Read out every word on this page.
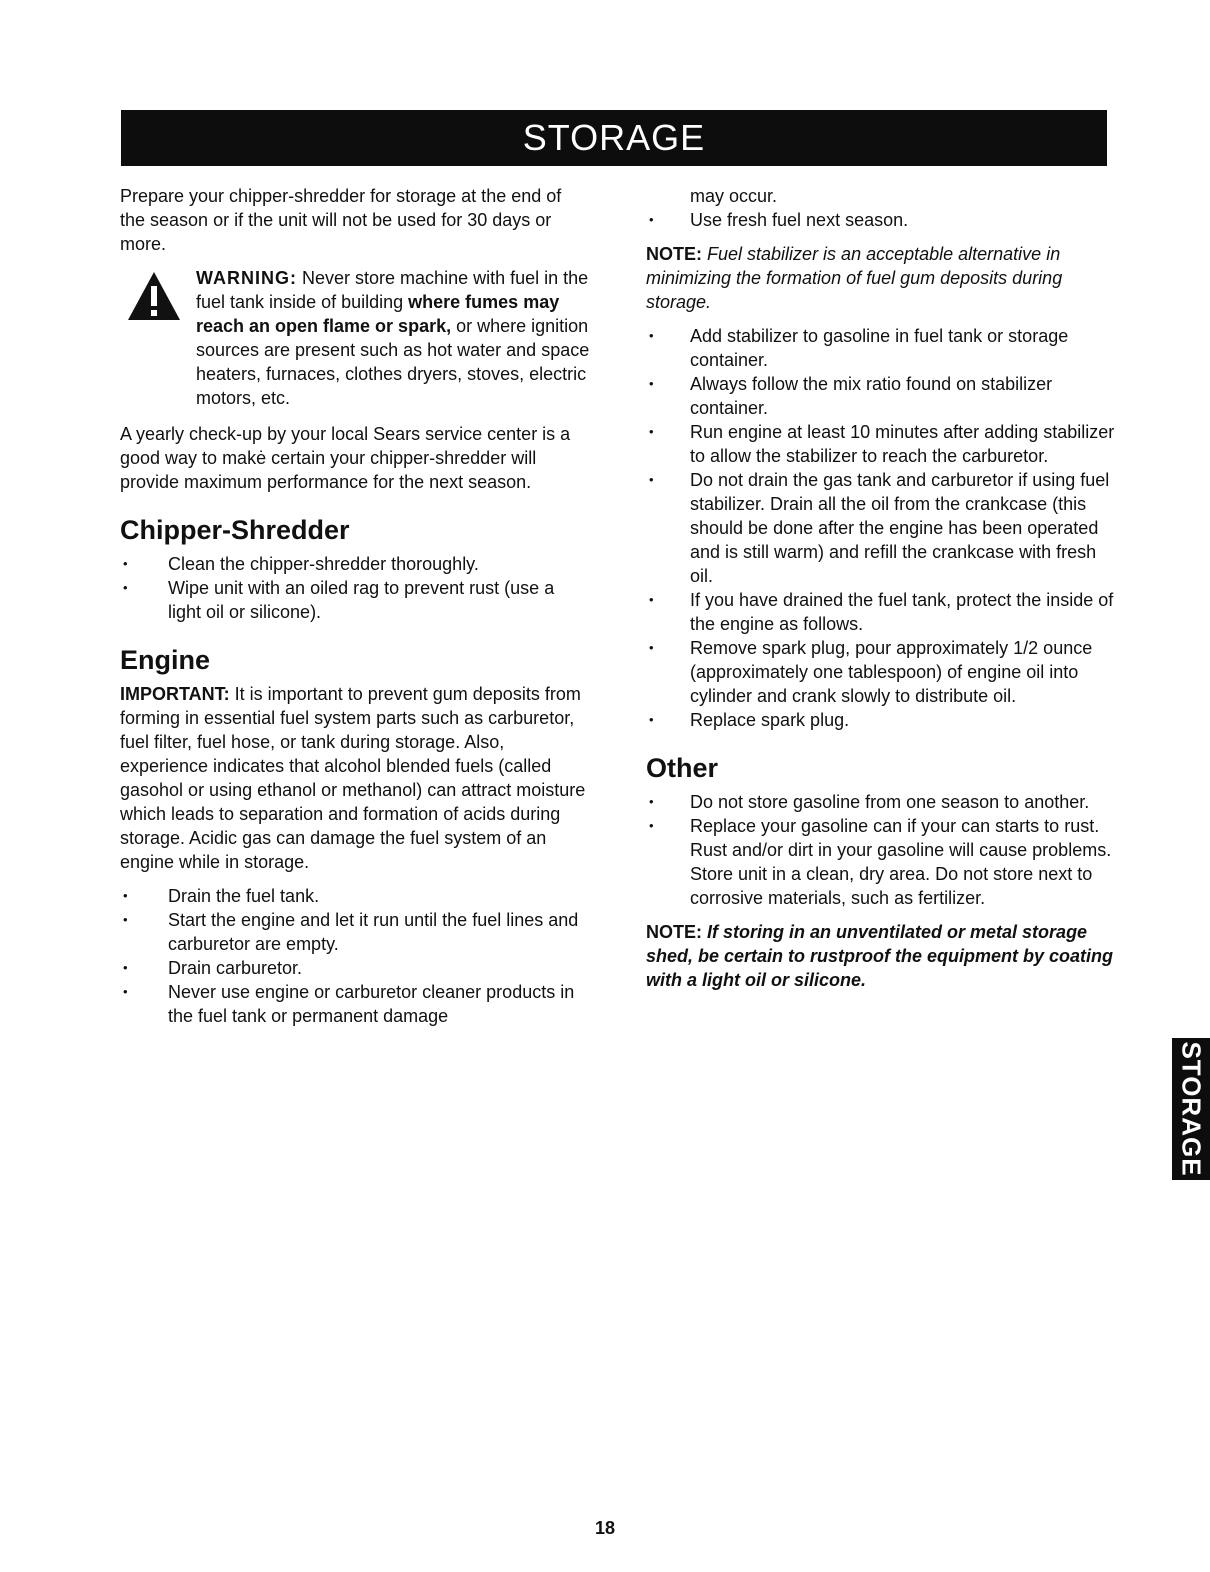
STORAGE

Prepare your chipper-shredder for storage at the end of the season or if the unit will not be used for 30 days or more.

WARNING: Never store machine with fuel in the fuel tank inside of building where fumes may reach an open flame or spark, or where ignition sources are present such as hot water and space heaters, furnaces, clothes dryers, stoves, electric motors, etc.

A yearly check-up by your local Sears service center is a good way to makė certain your chipper-shredder will provide maximum performance for the next season.

Chipper-Shredder
• Clean the chipper-shredder thoroughly.
• Wipe unit with an oiled rag to prevent rust (use a light oil or silicone).
Engine

IMPORTANT: It is important to prevent gum deposits from forming in essential fuel system parts such as carburetor, fuel filter, fuel hose, or tank during storage. Also, experience indicates that alcohol blended fuels (called gasohol or using ethanol or methanol) can attract moisture which leads to separation and formation of acids during storage. Acidic gas can damage the fuel system of an engine while in storage.

• Drain the fuel tank.
• Start the engine and let it run until the fuel lines and carburetor are empty.
• Drain carburetor.
• Never use engine or carburetor cleaner products in the fuel tank or permanent damage
may occur.
• Use fresh fuel next season.

NOTE: Fuel stabilizer is an acceptable alternative in minimizing the formation of fuel gum deposits during storage.

• Add stabilizer to gasoline in fuel tank or storage container.
• Always follow the mix ratio found on stabilizer container.
• Run engine at least 10 minutes after adding stabilizer to allow the stabilizer to reach the carburetor.
• Do not drain the gas tank and carburetor if using fuel stabilizer. Drain all the oil from the crankcase (this should be done after the engine has been operated and is still warm) and refill the crankcase with fresh oil.
• If you have drained the fuel tank, protect the inside of the engine as follows.
• Remove spark plug, pour approximately 1/2 ounce (approximately one tablespoon) of engine oil into cylinder and crank slowly to distribute oil.
• Replace spark plug.
Other
• Do not store gasoline from one season to another.
• Replace your gasoline can if your can starts to rust. Rust and/or dirt in your gasoline will cause problems. Store unit in a clean, dry area. Do not store next to corrosive materials, such as fertilizer.

NOTE: If storing in an unventilated or metal storage shed, be certain to rustproof the equipment by coating with a light oil or silicone.

STORAGE
18
